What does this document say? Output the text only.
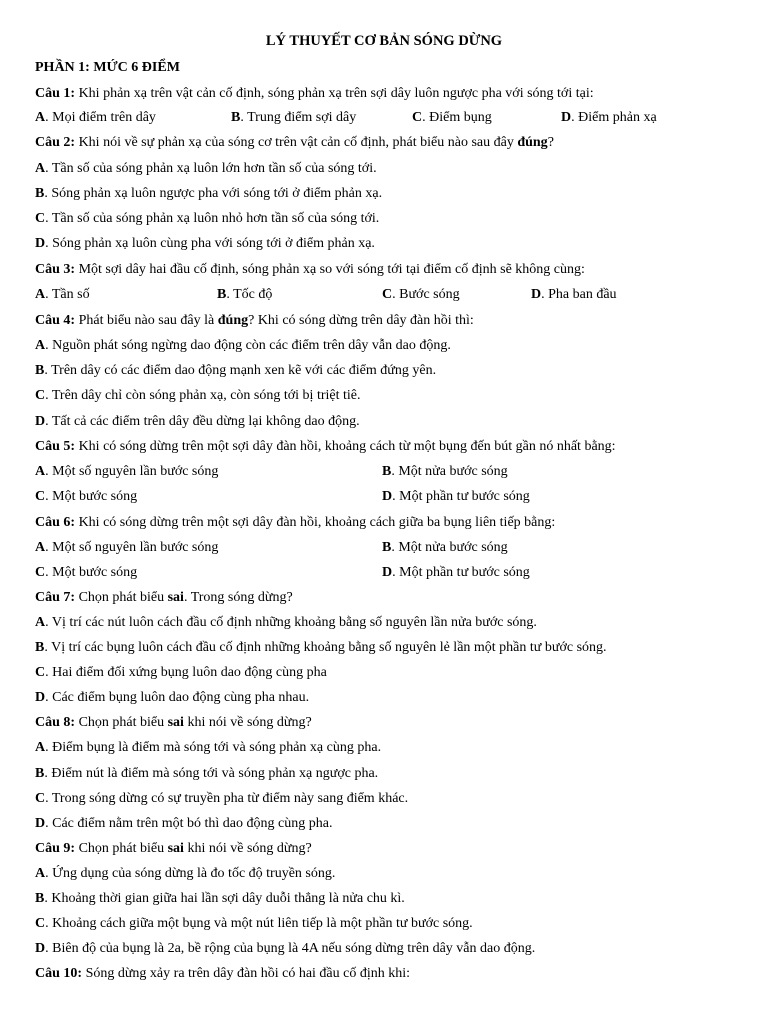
LÝ THUYẾT CƠ BẢN SÓNG DỪNG
PHẦN 1: MỨC 6 ĐIỂM
Câu 1: Khi phản xạ trên vật cản cố định, sóng phản xạ trên sợi dây luôn ngược pha với sóng tới tại:
A. Mọi điểm trên dây	B. Trung điểm sợi dây	C. Điểm bụng	D. Điểm phản xạ
Câu 2: Khi nói về sự phản xạ của sóng cơ trên vật cản cố định, phát biểu nào sau đây đúng?
A. Tần số của sóng phản xạ luôn lớn hơn tần số của sóng tới.
B. Sóng phản xạ luôn ngược pha với sóng tới ở điểm phản xạ.
C. Tần số của sóng phản xạ luôn nhỏ hơn tần số của sóng tới.
D. Sóng phản xạ luôn cùng pha với sóng tới ở điểm phản xạ.
Câu 3: Một sợi dây hai đầu cố định, sóng phản xạ so với sóng tới tại điểm cố định sẽ không cùng:
A. Tần số	B. Tốc độ	C. Bước sóng	D. Pha ban đầu
Câu 4: Phát biểu nào sau đây là đúng? Khi có sóng dừng trên dây đàn hồi thì:
A. Nguồn phát sóng ngừng dao động còn các điểm trên dây vẫn dao động.
B. Trên dây có các điểm dao động mạnh xen kẽ với các điểm đứng yên.
C. Trên dây chỉ còn sóng phản xạ, còn sóng tới bị triệt tiê.
D. Tất cả các điểm trên dây đều dừng lại không dao động.
Câu 5: Khi có sóng dừng trên một sợi dây đàn hồi, khoảng cách từ một bụng đến bút gần nó nhất bằng:
A. Một số nguyên lần bước sóng	B. Một nửa bước sóng
C. Một bước sóng	D. Một phần tư bước sóng
Câu 6: Khi có sóng dừng trên một sợi dây đàn hồi, khoảng cách giữa ba bụng liên tiếp bằng:
A. Một số nguyên lần bước sóng	B. Một nửa bước sóng
C. Một bước sóng	D. Một phần tư bước sóng
Câu 7: Chọn phát biểu sai. Trong sóng dừng?
A. Vị trí các nút luôn cách đầu cố định những khoảng bằng số nguyên lần nửa bước sóng.
B. Vị trí các bụng luôn cách đầu cố định những khoảng bằng số nguyên lẻ lần một phần tư bước sóng.
C. Hai điểm đối xứng bụng luôn dao động cùng pha
D. Các điểm bụng luôn dao động cùng pha nhau.
Câu 8: Chọn phát biểu sai khi nói về sóng dừng?
A. Điểm bụng là điểm mà sóng tới và sóng phản xạ cùng pha.
B. Điểm nút là điểm mà sóng tới và sóng phản xạ ngược pha.
C. Trong sóng dừng có sự truyền pha từ điểm này sang điểm khác.
D. Các điểm nằm trên một bó thì dao động cùng pha.
Câu 9: Chọn phát biểu sai khi nói về sóng dừng?
A. Ứng dụng của sóng dừng là đo tốc độ truyền sóng.
B. Khoảng thời gian giữa hai lần sợi dây duỗi thẳng là nửa chu kì.
C. Khoảng cách giữa một bụng và một nút liên tiếp là một phần tư bước sóng.
D. Biên độ của bụng là 2a, bề rộng của bụng là 4A nếu sóng dừng trên dây vẫn dao động.
Câu 10: Sóng dừng xảy ra trên dây đàn hồi có hai đầu cố định khi:
